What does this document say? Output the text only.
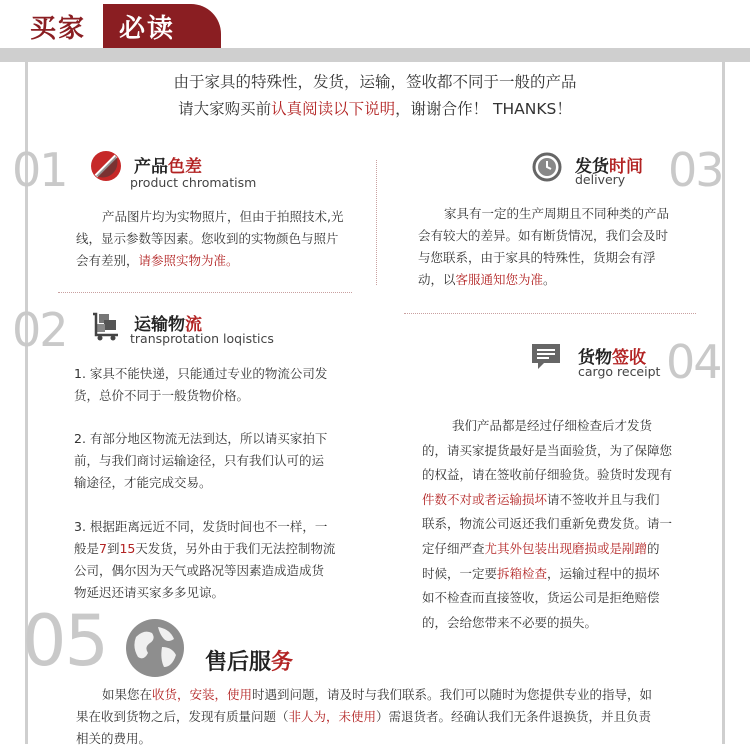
买家 必读
由于家具的特殊性，发货，运输，签收都不同于一般的产品
请大家购买前认真阅读以下说明，谢谢合作！ THANKS！
01	产品色差
product chromatism
产品图片均为实物照片，但由于拍照技术,光线，显示参数等因素。您收到的实物颜色与照片会有差别，请参照实物为准。
发货时间
delivery 03
家具有一定的生产周期且不同种类的产品会有较大的差异。如有断货情况，我们会及时与您联系，由于家具的特殊性，货期会有浮动，以客服通知您为准。
02	运输物流
transprotation loqistics
1. 家具不能快递，只能通过专业的物流公司发货，总价不同于一般货物价格。
2. 有部分地区物流无法到达，所以请买家拍下前，与我们商讨运输途径，只有我们认可的运输途径，才能完成交易。
3. 根据距离远近不同，发货时间也不一样，一般是7到15天发货，另外由于我们无法控制物流公司，偶尔因为天气或路况等因素造成造成货物延迟还请买家多多见谅。
货物签收
cargo receipt 04
我们产品都是经过仔细检查后才发货的，请买家提货最好是当面验货，为了保障您的权益，请在签收前仔细验货。验货时发现有件数不对或者运输损坏请不签收并且与我们联系，物流公司返还我们重新免费发货。请一定仔细严查尤其外包装出现磨损或是剐蹭的时候，一定要拆箱检查，运输过程中的损坏如不检查而直接签收，货运公司是拒绝赔偿的，会给您带来不必要的损失。
05	售后服务
如果您在收货，安装，使用时遇到问题，请及时与我们联系。我们可以随时为您提供专业的指导，如果在收到货物之后，发现有质量问题（非人为，未使用）需退货者。经确认我们无条件退换货，并且负责相关的费用。
